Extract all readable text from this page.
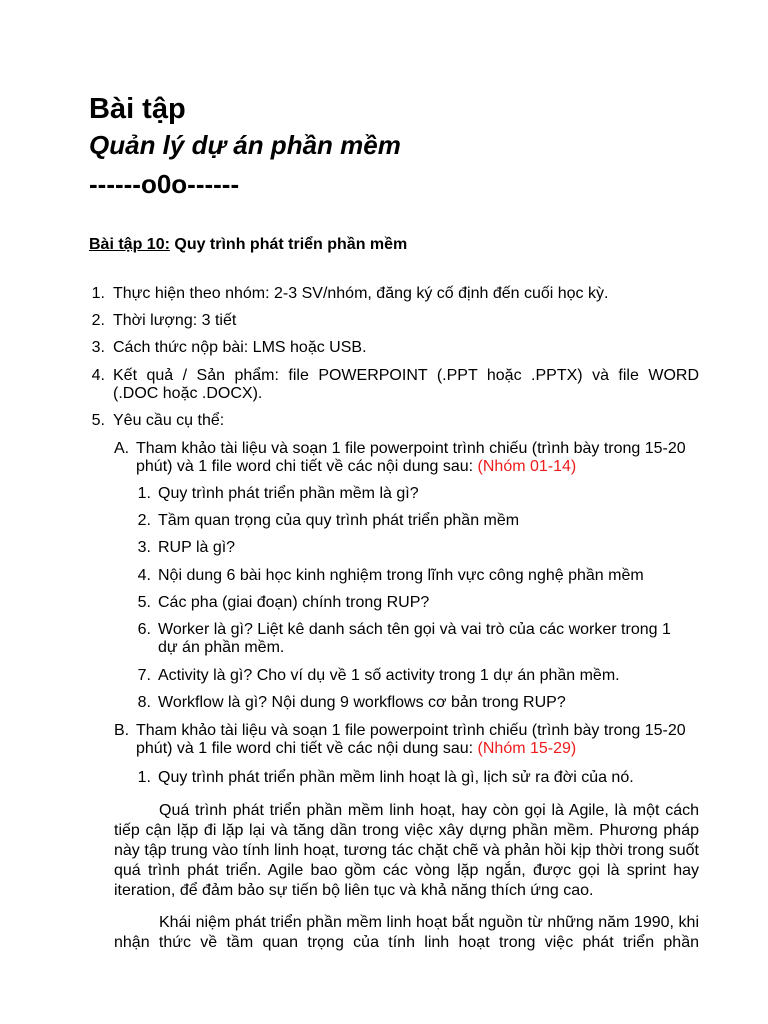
Bài tập
Quản lý dự án phần mềm
------o0o------
Bài tập 10: Quy trình phát triển phần mềm
1. Thực hiện theo nhóm: 2-3 SV/nhóm, đăng ký cố định đến cuối học kỳ.
2. Thời lượng: 3 tiết
3. Cách thức nộp bài: LMS hoặc USB.
4. Kết quả / Sản phẩm: file POWERPOINT (.PPT hoặc .PPTX) và file WORD
(.DOC hoặc .DOCX).
5. Yêu cầu cụ thể:
A. Tham khảo tài liệu và soạn 1 file powerpoint trình chiếu (trình bày trong 15-20
phút) và 1 file word chi tiết về các nội dung sau: (Nhóm 01-14)
1. Quy trình phát triển phần mềm là gì?
2. Tầm quan trọng của quy trình phát triển phần mềm
3. RUP là gì?
4. Nội dung 6 bài học kinh nghiệm trong lĩnh vực công nghệ phần mềm
5. Các pha (giai đoạn) chính trong RUP?
6. Worker là gì? Liệt kê danh sách tên gọi và vai trò của các worker trong 1
dự án phần mềm.
7. Activity là gì? Cho ví dụ về 1 số activity trong 1 dự án phần mềm.
8. Workflow là gì? Nội dung 9 workflows cơ bản trong RUP?
B. Tham khảo tài liệu và soạn 1 file powerpoint trình chiếu (trình bày trong 15-20
phút) và 1 file word chi tiết về các nội dung sau: (Nhóm 15-29)
1. Quy trình phát triển phần mềm linh hoạt là gì, lịch sử ra đời của nó.
Quá trình phát triển phần mềm linh hoạt, hay còn gọi là Agile, là một cách tiếp cận lặp đi lặp lại và tăng dần trong việc xây dựng phần mềm. Phương pháp này tập trung vào tính linh hoạt, tương tác chặt chẽ và phản hồi kịp thời trong suốt quá trình phát triển. Agile bao gồm các vòng lặp ngắn, được gọi là sprint hay iteration, để đảm bảo sự tiến bộ liên tục và khả năng thích ứng cao.
Khái niệm phát triển phần mềm linh hoạt bắt nguồn từ những năm 1990, khi nhận thức về tầm quan trọng của tính linh hoạt trong việc phát triển phần
